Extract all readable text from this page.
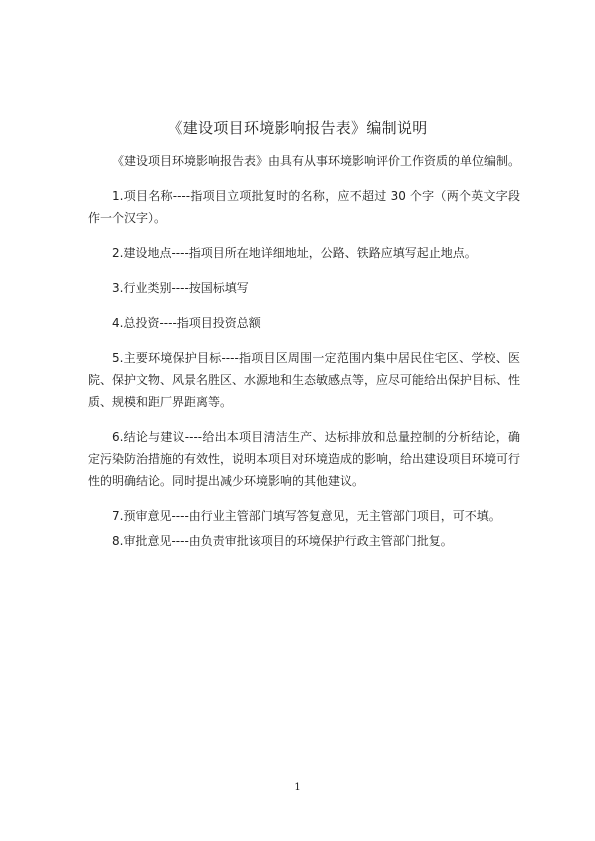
《建设项目环境影响报告表》编制说明

《建设项目环境影响报告表》由具有从事环境影响评价工作资质的单位编制。

1.项目名称----指项目立项批复时的名称，应不超过 30 个字（两个英文字段作一个汉字）。

2.建设地点----指项目所在地详细地址，公路、铁路应填写起止地点。

3.行业类别----按国标填写

4.总投资----指项目投资总额

5.主要环境保护目标----指项目区周围一定范围内集中居民住宅区、学校、医院、保护文物、风景名胜区、水源地和生态敏感点等，应尽可能给出保护目标、性质、规模和距厂界距离等。

6.结论与建议----给出本项目清洁生产、达标排放和总量控制的分析结论，确定污染防治措施的有效性，说明本项目对环境造成的影响，给出建设项目环境可行性的明确结论。同时提出减少环境影响的其他建议。

7.预审意见----由行业主管部门填写答复意见，无主管部门项目，可不填。

8.审批意见----由负责审批该项目的环境保护行政主管部门批复。

1
